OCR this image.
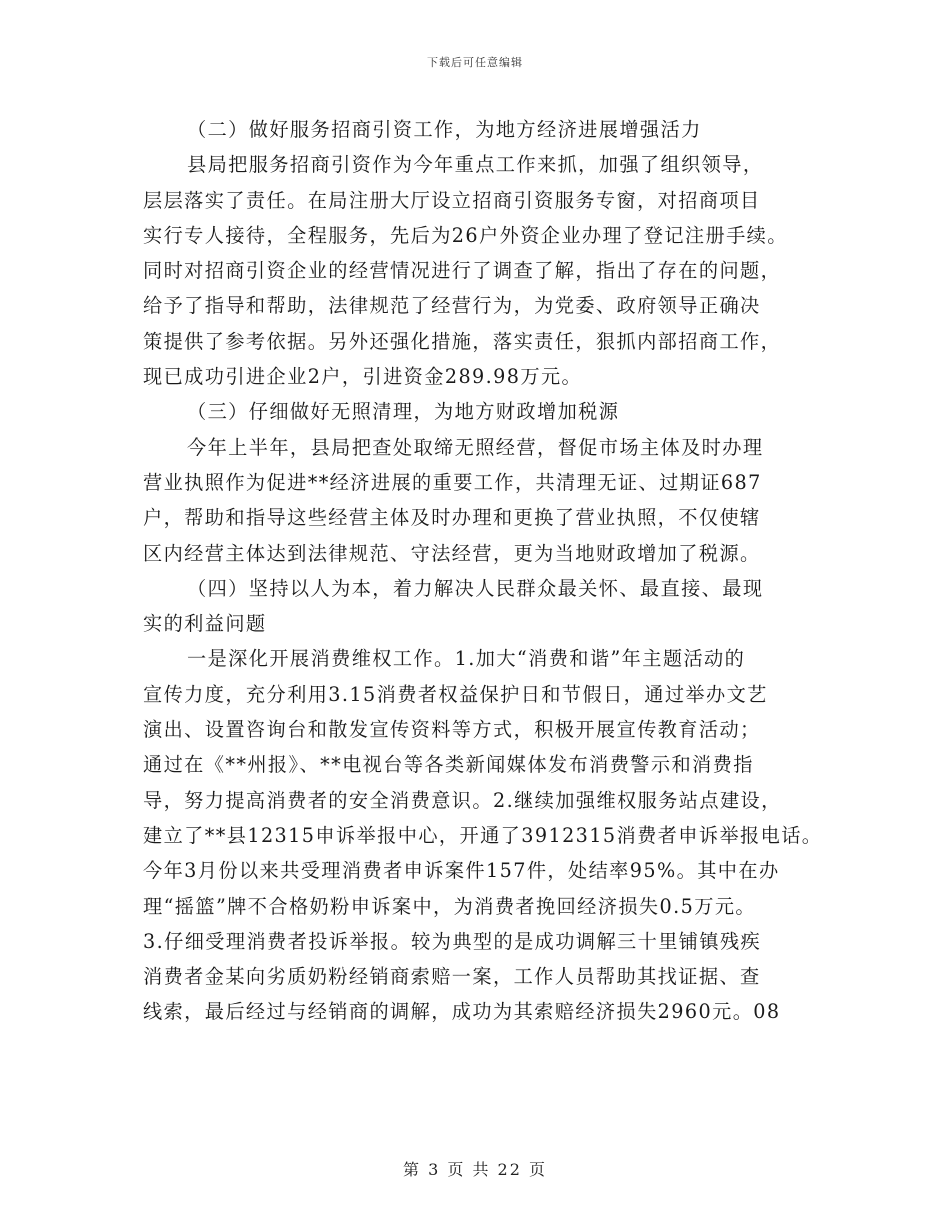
下载后可任意编辑
（二）做好服务招商引资工作，为地方经济进展增强活力
县局把服务招商引资作为今年重点工作来抓，加强了组织领导，
层层落实了责任。在局注册大厅设立招商引资服务专窗，对招商项目
实行专人接待，全程服务，先后为26户外资企业办理了登记注册手续。
同时对招商引资企业的经营情况进行了调查了解，指出了存在的问题，
给予了指导和帮助，法律规范了经营行为，为党委、政府领导正确决
策提供了参考依据。另外还强化措施，落实责任，狠抓内部招商工作，
现已成功引进企业2户，引进资金289.98万元。
（三）仔细做好无照清理，为地方财政增加税源
今年上半年，县局把查处取缔无照经营，督促市场主体及时办理
营业执照作为促进**经济进展的重要工作，共清理无证、过期证687
户，帮助和指导这些经营主体及时办理和更换了营业执照，不仅使辖
区内经营主体达到法律规范、守法经营，更为当地财政增加了税源。
（四）坚持以人为本，着力解决人民群众最关怀、最直接、最现
实的利益问题
一是深化开展消费维权工作。1.加大“消费和谐”年主题活动的
宣传力度，充分利用3.15消费者权益保护日和节假日，通过举办文艺
演出、设置咨询台和散发宣传资料等方式，积极开展宣传教育活动；
通过在《**州报》、**电视台等各类新闻媒体发布消费警示和消费指
导，努力提高消费者的安全消费意识。2.继续加强维权服务站点建设，
建立了**县12315申诉举报中心，开通了3912315消费者申诉举报电话。
今年3月份以来共受理消费者申诉案件157件，处结率95%。其中在办
理“摇篮”牌不合格奶粉申诉案中，为消费者挽回经济损失0.5万元。
3.仔细受理消费者投诉举报。较为典型的是成功调解三十里铺镇残疾
消费者金某向劣质奶粉经销商索赔一案，工作人员帮助其找证据、查
线索，最后经过与经销商的调解，成功为其索赔经济损失2960元。08
第 3 页 共 22 页
